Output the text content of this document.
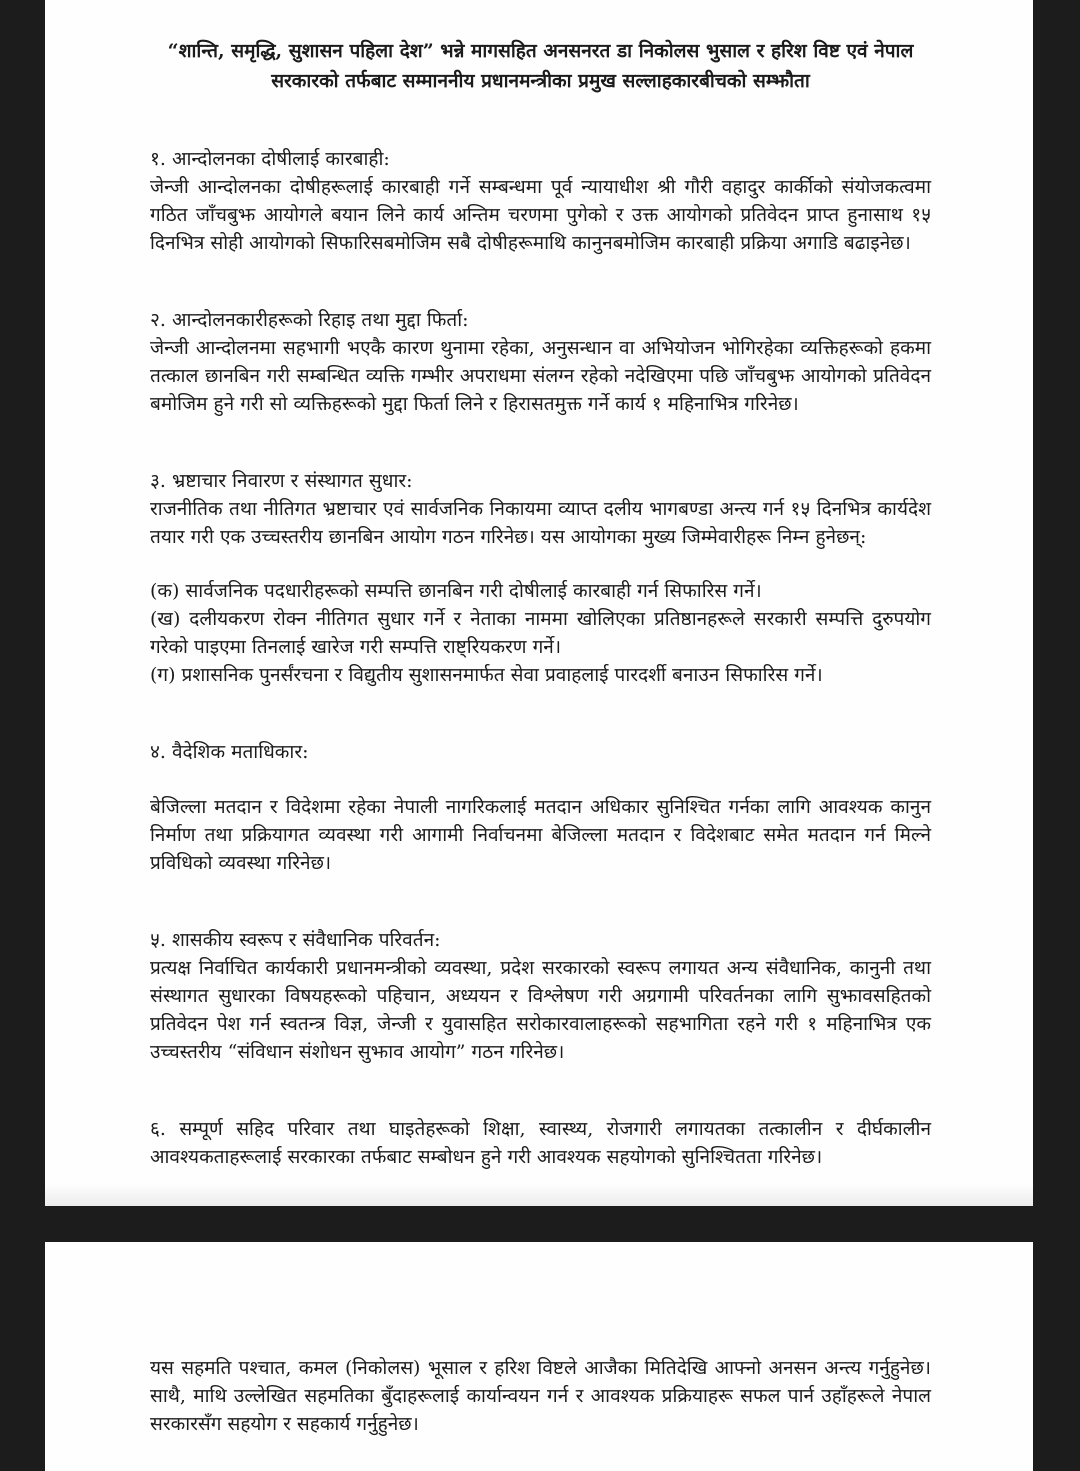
“शान्ति, समृद्धि, सुशासन पहिला देश” भन्ने मागसहित अनसनरत डा निकोलस भुसाल र हरिश विष्ट एवं नेपाल
सरकारको तर्फबाट सम्माननीय प्रधानमन्त्रीका प्रमुख सल्लाहकारबीचको सम्झौता
१. आन्दोलनका दोषीलाई कारबाही:

जेन्जी आन्दोलनका दोषीहरूलाई कारबाही गर्ने सम्बन्धमा पूर्व न्यायाधीश श्री गौरी वहादुर कार्कीको संयोजकत्वमा गठित जाँचबुझ आयोगले बयान लिने कार्य अन्तिम चरणमा पुगेको र उक्त आयोगको प्रतिवेदन प्राप्त हुनासाथ १५ दिनभित्र सोही आयोगको सिफारिसबमोजिम सबै दोषीहरूमाथि कानुनबमोजिम कारबाही प्रक्रिया अगाडि बढाइनेछ।

२. आन्दोलनकारीहरूको रिहाइ तथा मुद्दा फिर्ता:

जेन्जी आन्दोलनमा सहभागी भएकै कारण थुनामा रहेका, अनुसन्धान वा अभियोजन भोगिरहेका व्यक्तिहरूको हकमा तत्काल छानबिन गरी सम्बन्धित व्यक्ति गम्भीर अपराधमा संलग्न रहेको नदेखिएमा पछि जाँचबुझ आयोगको प्रतिवेदन बमोजिम हुने गरी सो व्यक्तिहरूको मुद्दा फिर्ता लिने र हिरासतमुक्त गर्ने कार्य १ महिनाभित्र गरिनेछ।

३. भ्रष्टाचार निवारण र संस्थागत सुधार:

राजनीतिक तथा नीतिगत भ्रष्टाचार एवं सार्वजनिक निकायमा व्याप्त दलीय भागबण्डा अन्त्य गर्न १५ दिनभित्र कार्यदेश तयार गरी एक उच्चस्तरीय छानबिन आयोग गठन गरिनेछ। यस आयोगका मुख्य जिम्मेवारीहरू निम्न हुनेछन्:

(क) सार्वजनिक पदधारीहरूको सम्पत्ति छानबिन गरी दोषीलाई कारबाही गर्न सिफारिस गर्ने।

(ख) दलीयकरण रोक्न नीतिगत सुधार गर्ने र नेताका नाममा खोलिएका प्रतिष्ठानहरूले सरकारी सम्पत्ति दुरुपयोग गरेको पाइएमा तिनलाई खारेज गरी सम्पत्ति राष्ट्रियकरण गर्ने।

(ग) प्रशासनिक पुनर्संरचना र विद्युतीय सुशासनमार्फत सेवा प्रवाहलाई पारदर्शी बनाउन सिफारिस गर्ने।

४. वैदेशिक मताधिकार:

बेजिल्ला मतदान र विदेशमा रहेका नेपाली नागरिकलाई मतदान अधिकार सुनिश्चित गर्नका लागि आवश्यक कानुन निर्माण तथा प्रक्रियागत व्यवस्था गरी आगामी निर्वाचनमा बेजिल्ला मतदान र विदेशबाट समेत मतदान गर्न मिल्ने प्रविधिको व्यवस्था गरिनेछ।

५. शासकीय स्वरूप र संवैधानिक परिवर्तन:

प्रत्यक्ष निर्वाचित कार्यकारी प्रधानमन्त्रीको व्यवस्था, प्रदेश सरकारको स्वरूप लगायत अन्य संवैधानिक, कानुनी तथा संस्थागत सुधारका विषयहरूको पहिचान, अध्ययन र विश्लेषण गरी अग्रगामी परिवर्तनका लागि सुझावसहितको प्रतिवेदन पेश गर्न स्वतन्त्र विज्ञ, जेन्जी र युवासहित सरोकारवालाहरूको सहभागिता रहने गरी १ महिनाभित्र एक उच्चस्तरीय “संविधान संशोधन सुझाव आयोग” गठन गरिनेछ।

६. सम्पूर्ण सहिद परिवार तथा घाइतेहरूको शिक्षा, स्वास्थ्य, रोजगारी लगायतका तत्कालीन र दीर्घकालीन आवश्यकताहरूलाई सरकारका तर्फबाट सम्बोधन हुने गरी आवश्यक सहयोगको सुनिश्चितता गरिनेछ।

यस सहमति पश्चात, कमल (निकोलस) भूसाल र हरिश विष्टले आजैका मितिदेखि आफ्नो अनसन अन्त्य गर्नुहुनेछ। साथै, माथि उल्लेखित सहमतिका बुँदाहरूलाई कार्यान्वयन गर्न र आवश्यक प्रक्रियाहरू सफल पार्न उहाँहरूले नेपाल सरकारसँग सहयोग र सहकार्य गर्नुहुनेछ।
